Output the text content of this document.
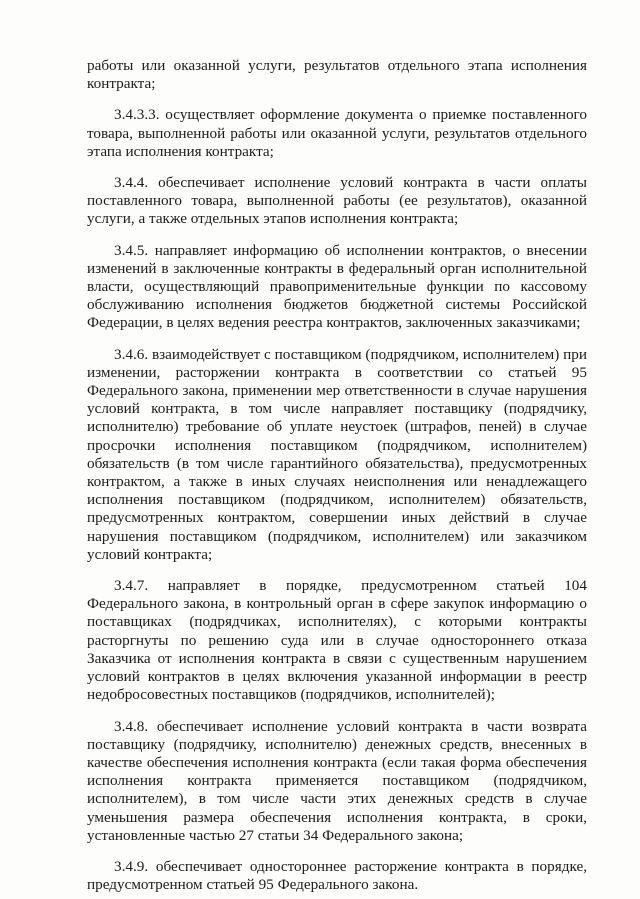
работы или оказанной услуги, результатов отдельного этапа исполнения контракта;

3.4.3.3. осуществляет оформление документа о приемке поставленного товара, выполненной работы или оказанной услуги, результатов отдельного этапа исполнения контракта;

3.4.4. обеспечивает исполнение условий контракта в части оплаты поставленного товара, выполненной работы (ее результатов), оказанной услуги, а также отдельных этапов исполнения контракта;

3.4.5. направляет информацию об исполнении контрактов, о внесении изменений в заключенные контракты в федеральный орган исполнительной власти, осуществляющий правоприменительные функции по кассовому обслуживанию исполнения бюджетов бюджетной системы Российской Федерации, в целях ведения реестра контрактов, заключенных заказчиками;

3.4.6. взаимодействует с поставщиком (подрядчиком, исполнителем) при изменении, расторжении контракта в соответствии со статьей 95 Федерального закона, применении мер ответственности в случае нарушения условий контракта, в том числе направляет поставщику (подрядчику, исполнителю) требование об уплате неустоек (штрафов, пеней) в случае просрочки исполнения поставщиком (подрядчиком, исполнителем) обязательств (в том числе гарантийного обязательства), предусмотренных контрактом, а также в иных случаях неисполнения или ненадлежащего исполнения поставщиком (подрядчиком, исполнителем) обязательств, предусмотренных контрактом, совершении иных действий в случае нарушения поставщиком (подрядчиком, исполнителем) или заказчиком условий контракта;

3.4.7. направляет в порядке, предусмотренном статьей 104 Федерального закона, в контрольный орган в сфере закупок информацию о поставщиках (подрядчиках, исполнителях), с которыми контракты расторгнуты по решению суда или в случае одностороннего отказа Заказчика от исполнения контракта в связи с существенным нарушением условий контрактов в целях включения указанной информации в реестр недобросовестных поставщиков (подрядчиков, исполнителей);

3.4.8. обеспечивает исполнение условий контракта в части возврата поставщику (подрядчику, исполнителю) денежных средств, внесенных в качестве обеспечения исполнения контракта (если такая форма обеспечения исполнения контракта применяется поставщиком (подрядчиком, исполнителем), в том числе части этих денежных средств в случае уменьшения размера обеспечения исполнения контракта, в сроки, установленные частью 27 статьи 34 Федерального закона;

3.4.9. обеспечивает одностороннее расторжение контракта в порядке, предусмотренном статьей 95 Федерального закона.
